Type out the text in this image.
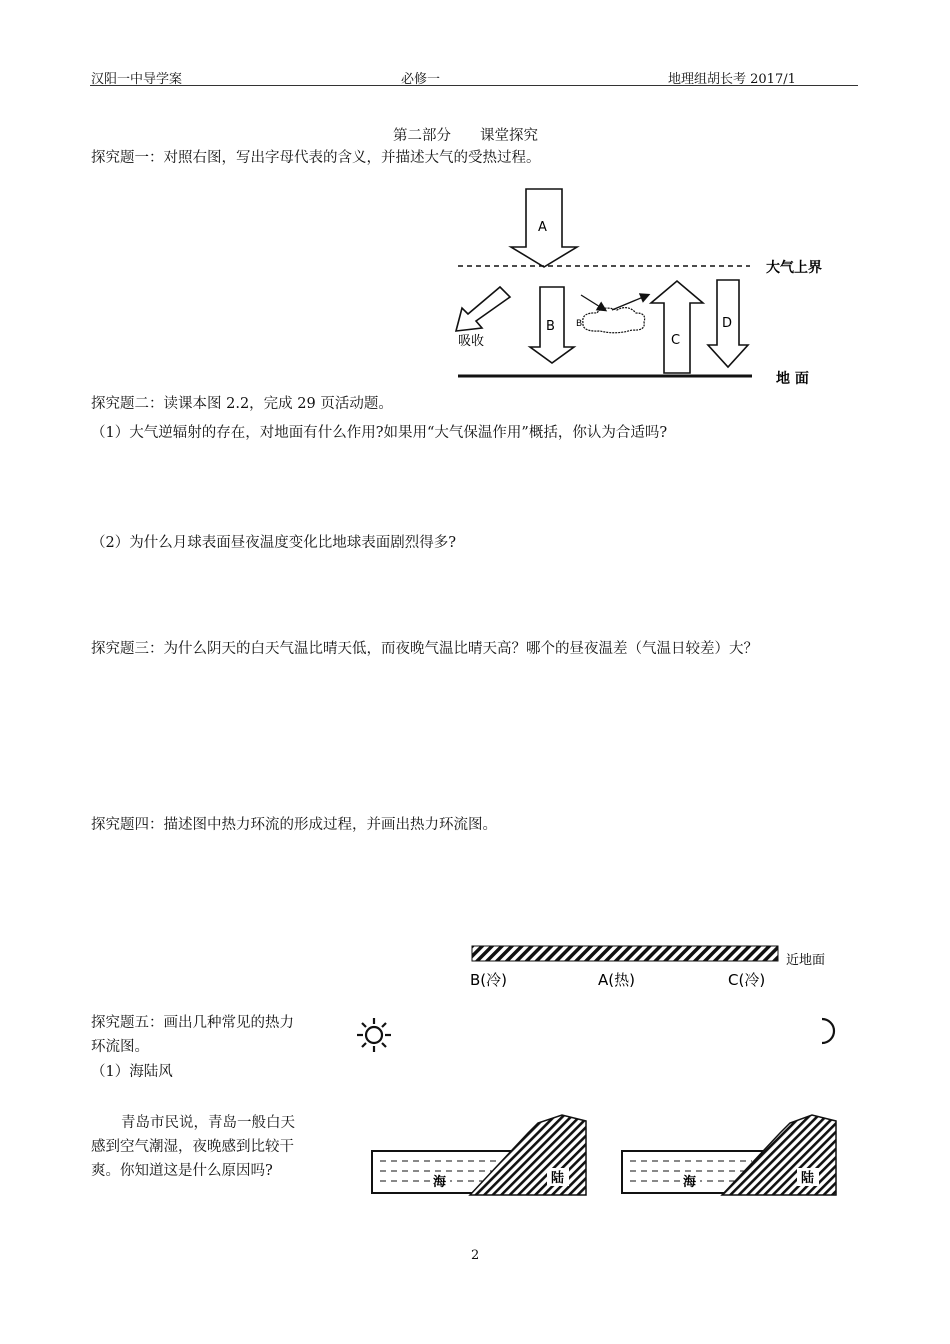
汉阳一中导学案	必修一	地理组胡长考 2017/1
第二部分　　课堂探究
探究题一：对照右图，写出字母代表的含义，并描述大气的受热过程。
A
大气上界
吸收
B B
C
D
地 面
探究题二：读课本图 2.2，完成 29 页活动题。
（1）大气逆辐射的存在，对地面有什么作用?如果用“大气保温作用”概括，你认为合适吗?
（2）为什么月球表面昼夜温度变化比地球表面剧烈得多?
探究题三：为什么阴天的白天气温比晴天低，而夜晚气温比晴天高？哪个的昼夜温差（气温日较差）大？
探究题四：描述图中热力环流的形成过程，并画出热力环流图。
近地面
B(冷)	A(热)	C(冷)
探究题五：画出几种常见的热力
环流图。
（1）海陆风
青岛市民说，青岛一般白天
感到空气潮湿，夜晚感到比较干
爽。你知道这是什么原因吗?
海	陆	海	陆
2
